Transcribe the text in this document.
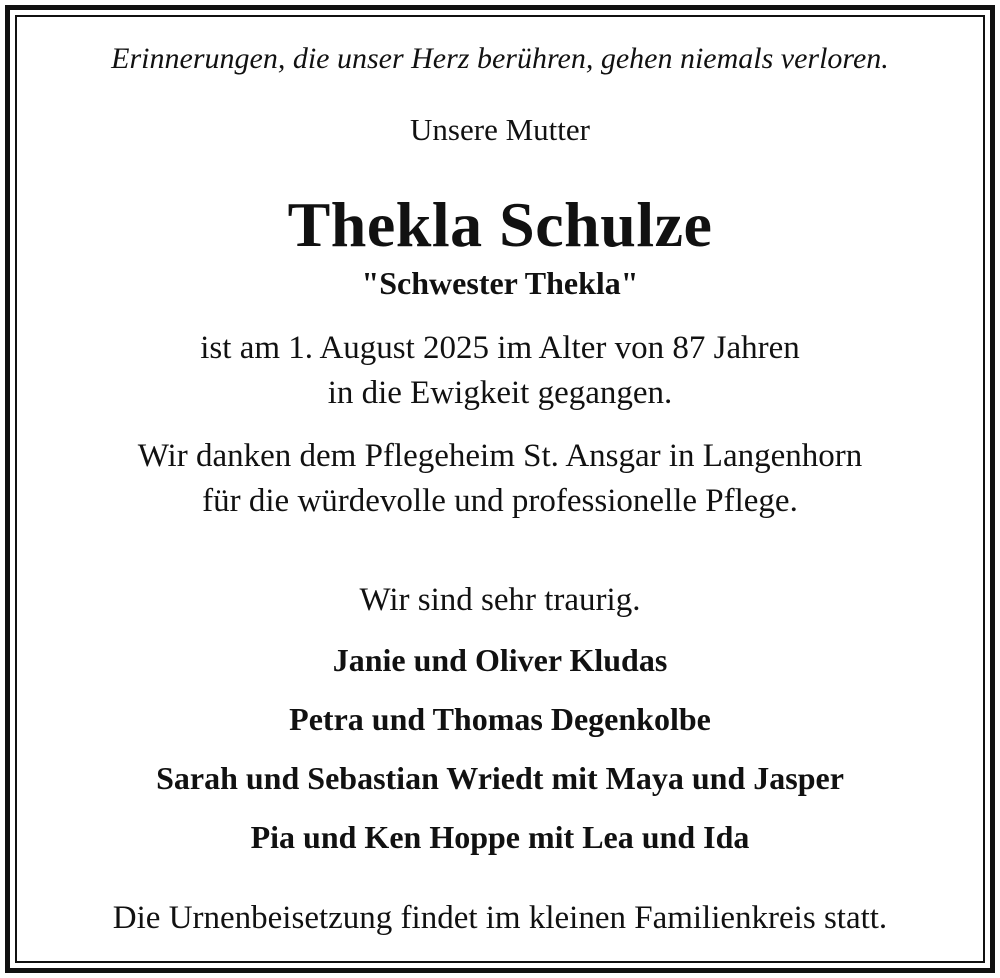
Erinnerungen, die unser Herz berühren, gehen niemals verloren.
Unsere Mutter
Thekla Schulze
"Schwester Thekla"
ist am 1. August 2025 im Alter von 87 Jahren
in die Ewigkeit gegangen.
Wir danken dem Pflegeheim St. Ansgar in Langenhorn
für die würdevolle und professionelle Pflege.
Wir sind sehr traurig.
Janie und Oliver Kludas
Petra und Thomas Degenkolbe
Sarah und Sebastian Wriedt mit Maya und Jasper
Pia und Ken Hoppe mit Lea und Ida
Die Urnenbeisetzung findet im kleinen Familienkreis statt.
